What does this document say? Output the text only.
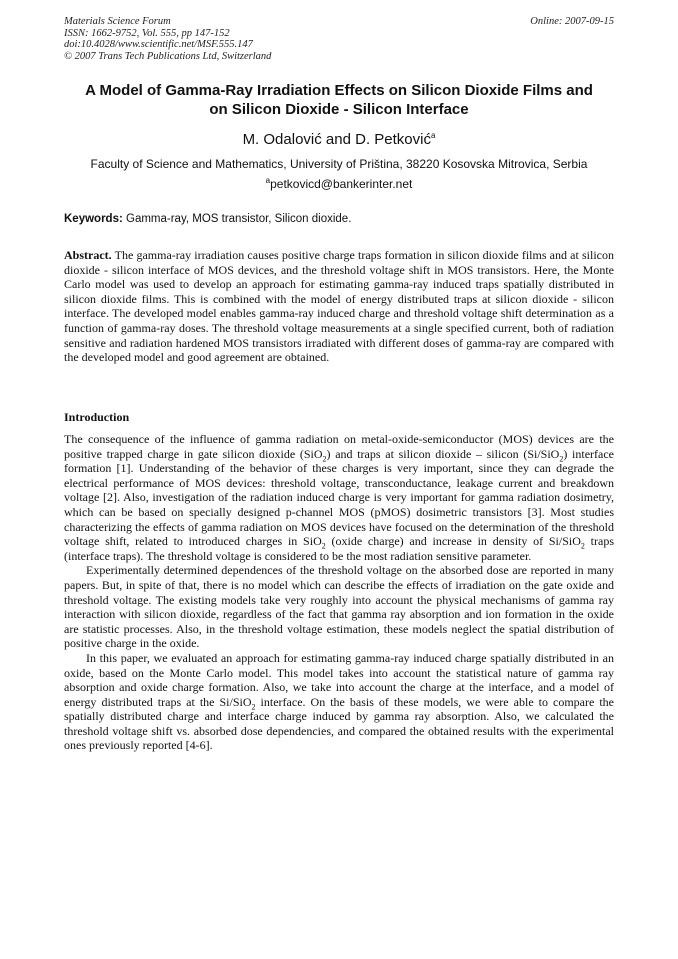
Materials Science Forum
ISSN: 1662-9752, Vol. 555, pp 147-152
doi:10.4028/www.scientific.net/MSF.555.147
© 2007 Trans Tech Publications Ltd, Switzerland
Online: 2007-09-15
A Model of Gamma-Ray Irradiation Effects on Silicon Dioxide Films and
on Silicon Dioxide - Silicon Interface
M. Odalović and D. Petković$^a$
Faculty of Science and Mathematics, University of Priština, 38220 Kosovska Mitrovica, Serbia
$^a$petkovicd@bankerinter.net
Keywords: Gamma-ray, MOS transistor, Silicon dioxide.
Abstract. The gamma-ray irradiation causes positive charge traps formation in silicon dioxide films and at silicon dioxide - silicon interface of MOS devices, and the threshold voltage shift in MOS transistors. Here, the Monte Carlo model was used to develop an approach for estimating gamma-ray induced traps spatially distributed in silicon dioxide films. This is combined with the model of energy distributed traps at silicon dioxide - silicon interface. The developed model enables gamma-ray induced charge and threshold voltage shift determination as a function of gamma-ray doses. The threshold voltage measurements at a single specified current, both of radiation sensitive and radiation hardened MOS transistors irradiated with different doses of gamma-ray are compared with the developed model and good agreement are obtained.
Introduction

The consequence of the influence of gamma radiation on metal-oxide-semiconductor (MOS) devices are the positive trapped charge in gate silicon dioxide (SiO$_2$) and traps at silicon dioxide – silicon (Si/SiO$_2$) interface formation [1]. Understanding of the behavior of these charges is very important, since they can degrade the electrical performance of MOS devices: threshold voltage, transconductance, leakage current and breakdown voltage [2]. Also, investigation of the radiation induced charge is very important for gamma radiation dosimetry, which can be based on specially designed p-channel MOS (pMOS) dosimetric transistors [3]. Most studies characterizing the effects of gamma radiation on MOS devices have focused on the determination of the threshold voltage shift, related to introduced charges in SiO$_2$ (oxide charge) and increase in density of Si/SiO$_2$ traps (interface traps). The threshold voltage is considered to be the most radiation sensitive parameter.

Experimentally determined dependences of the threshold voltage on the absorbed dose are reported in many papers. But, in spite of that, there is no model which can describe the effects of irradiation on the gate oxide and threshold voltage. The existing models take very roughly into account the physical mechanisms of gamma ray interaction with silicon dioxide, regardless of the fact that gamma ray absorption and ion formation in the oxide are statistic processes. Also, in the threshold voltage estimation, these models neglect the spatial distribution of positive charge in the oxide.

In this paper, we evaluated an approach for estimating gamma-ray induced charge spatially distributed in an oxide, based on the Monte Carlo model. This model takes into account the statistical nature of gamma ray absorption and oxide charge formation. Also, we take into account the charge at the interface, and a model of energy distributed traps at the Si/SiO$_2$ interface. On the basis of these models, we were able to compare the spatially distributed charge and interface charge induced by gamma ray absorption. Also, we calculated the threshold voltage shift vs. absorbed dose dependencies, and compared the obtained results with the experimental ones previously reported [4-6].
